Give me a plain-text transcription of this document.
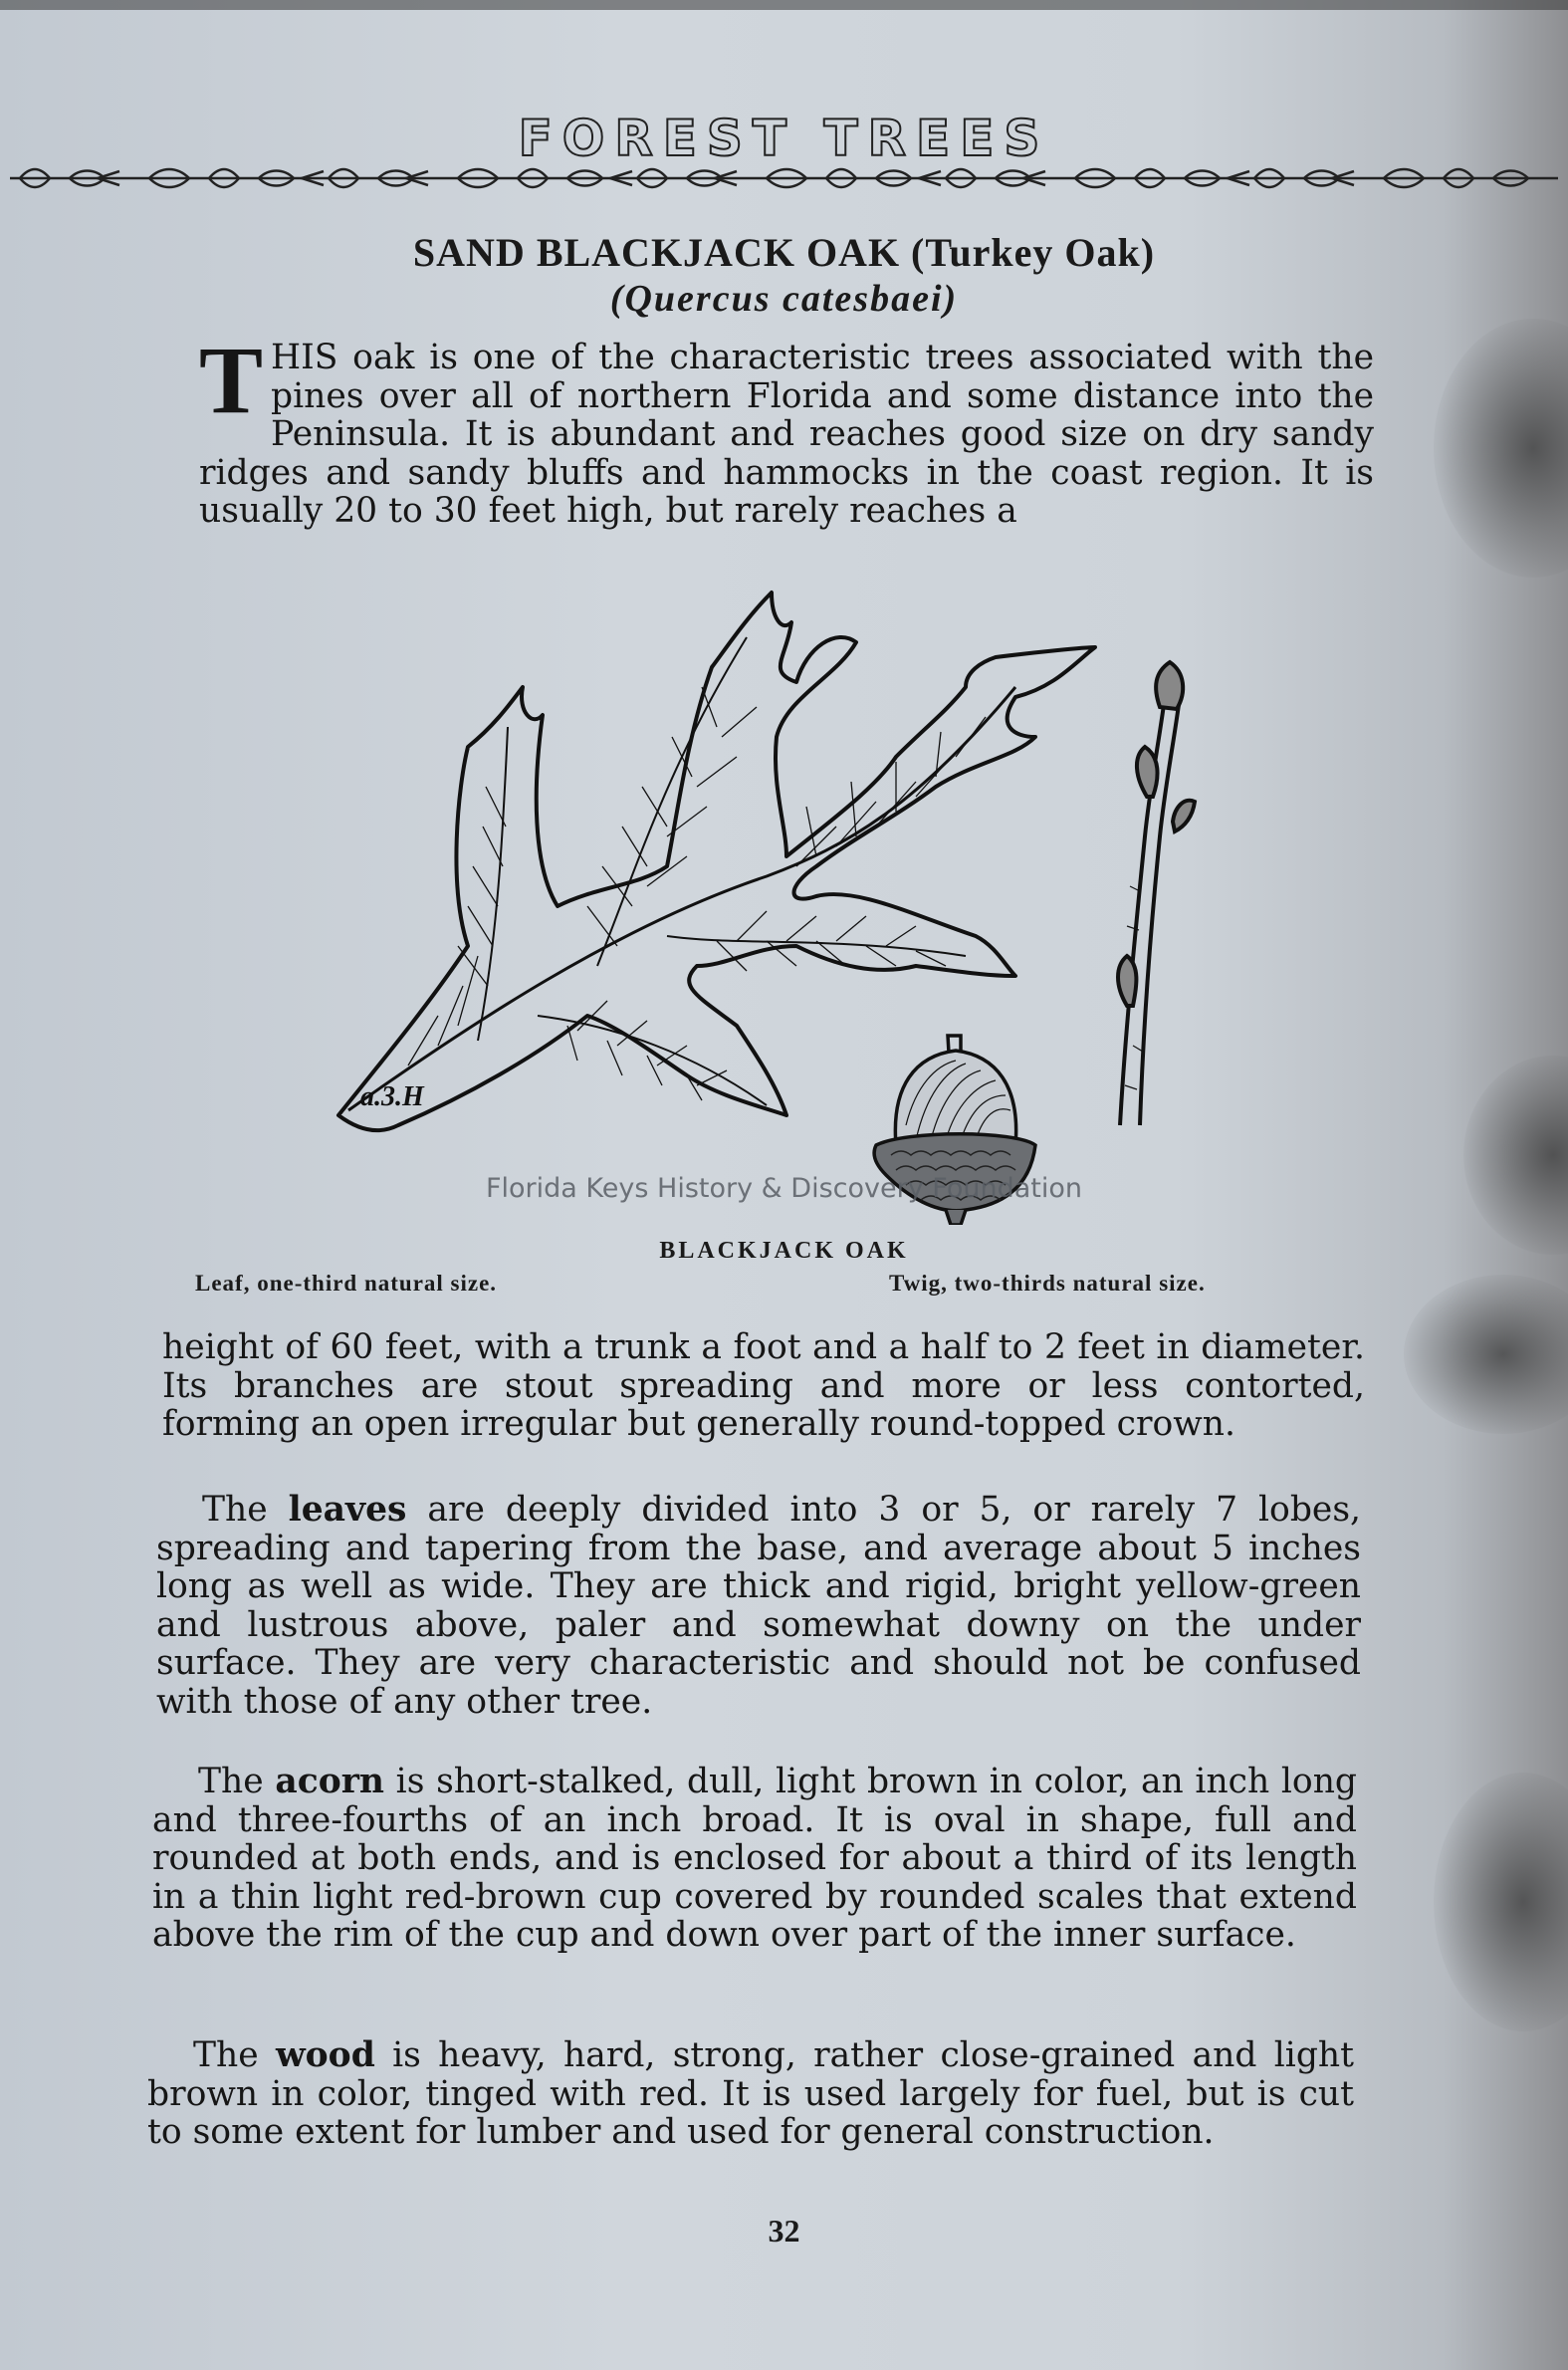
FOREST TREES
SAND BLACKJACK OAK (Turkey Oak)
(Quercus catesbaei)

THIS oak is one of the characteristic trees associated with the pines over all of northern Florida and some distance into the Peninsula. It is abundant and reaches good size on dry sandy ridges and sandy bluffs and hammocks in the coast region. It is usually 20 to 30 feet high, but rarely reaches a

a.3.H
Florida Keys History & Discovery Foundation
BLACKJACK OAK
Leaf, one-third natural size.	Twig, two-thirds natural size.

height of 60 feet, with a trunk a foot and a half to 2 feet in diameter. Its branches are stout spreading and more or less contorted, forming an open irregular but generally round-topped crown.

The leaves are deeply divided into 3 or 5, or rarely 7 lobes, spreading and tapering from the base, and average about 5 inches long as well as wide. They are thick and rigid, bright yellow-green and lustrous above, paler and somewhat downy on the under surface. They are very characteristic and should not be confused with those of any other tree.

The acorn is short-stalked, dull, light brown in color, an inch long and three-fourths of an inch broad. It is oval in shape, full and rounded at both ends, and is enclosed for about a third of its length in a thin light red-brown cup covered by rounded scales that extend above the rim of the cup and down over part of the inner surface.

The wood is heavy, hard, strong, rather close-grained and light brown in color, tinged with red. It is used largely for fuel, but is cut to some extent for lumber and used for general construction.

32
